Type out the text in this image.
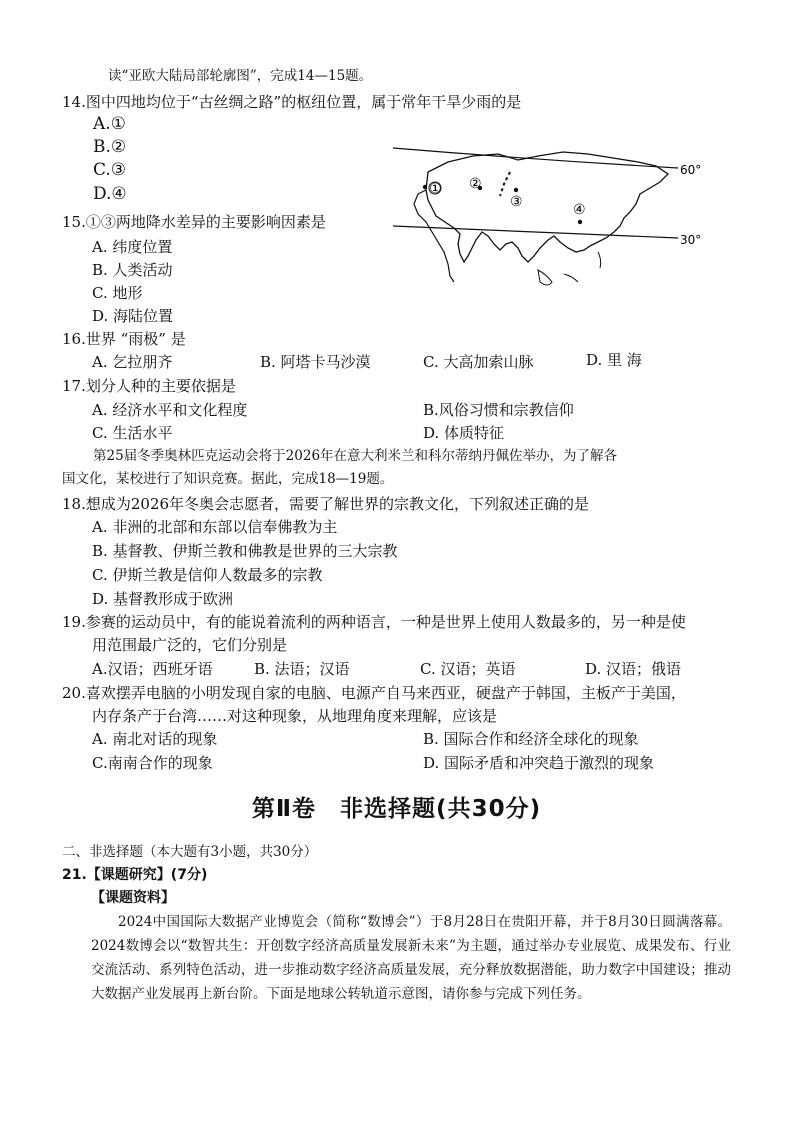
读“亚欧大陆局部轮廓图”，完成14—15题。
14.图中四地均位于“古丝绸之路”的枢纽位置，属于常年干旱少雨的是
A.①
B.②
C.③
D.④
60°
30°
① ②
③	④
15.①③两地降水差异的主要影响因素是
A. 纬度位置
B. 人类活动
C. 地形
D. 海陆位置
16.世界 “雨极” 是
A. 乞拉朋齐	B. 阿塔卡马沙漠	C. 大高加索山脉	D. 里 海
17.划分人种的主要依据是
A. 经济水平和文化程度	B.风俗习惯和宗教信仰
C. 生活水平	D. 体质特征
第25届冬季奥林匹克运动会将于2026年在意大利米兰和科尔蒂纳丹佩佐举办，为了解各
国文化，某校进行了知识竞赛。据此，完成18—19题。
18.想成为2026年冬奥会志愿者，需要了解世界的宗教文化，下列叙述正确的是
A. 非洲的北部和东部以信奉佛教为主
B. 基督教、伊斯兰教和佛教是世界的三大宗教
C. 伊斯兰教是信仰人数最多的宗教
D. 基督教形成于欧洲
19.参赛的运动员中，有的能说着流利的两种语言，一种是世界上使用人数最多的，另一种是使
用范围最广泛的，它们分别是
A.汉语；西班牙语	B. 法语；汉语	C. 汉语；英语	D. 汉语；俄语
20.喜欢摆弄电脑的小明发现自家的电脑、电源产自马来西亚，硬盘产于韩国，主板产于美国，
内存条产于台湾……对这种现象，从地理角度来理解，应该是
A. 南北对话的现象	B. 国际合作和经济全球化的现象
C.南南合作的现象	D. 国际矛盾和冲突趋于激烈的现象
第Ⅱ卷　非选择题(共30分)
二、非选择题（本大题有3小题，共30分）
21.【课题研究】(7分)
【课题资料】
2024中国国际大数据产业博览会（简称“数博会”）于8月28日在贵阳开幕，并于8月30日圆满落幕。2024数博会以“数智共生：开创数字经济高质量发展新未来”为主题，通过举办专业展览、成果发布、行业交流活动、系列特色活动，进一步推动数字经济高质量发展，充分释放数据潜能，助力数字中国建设；推动大数据产业发展再上新台阶。下面是地球公转轨道示意图，请你参与完成下列任务。
